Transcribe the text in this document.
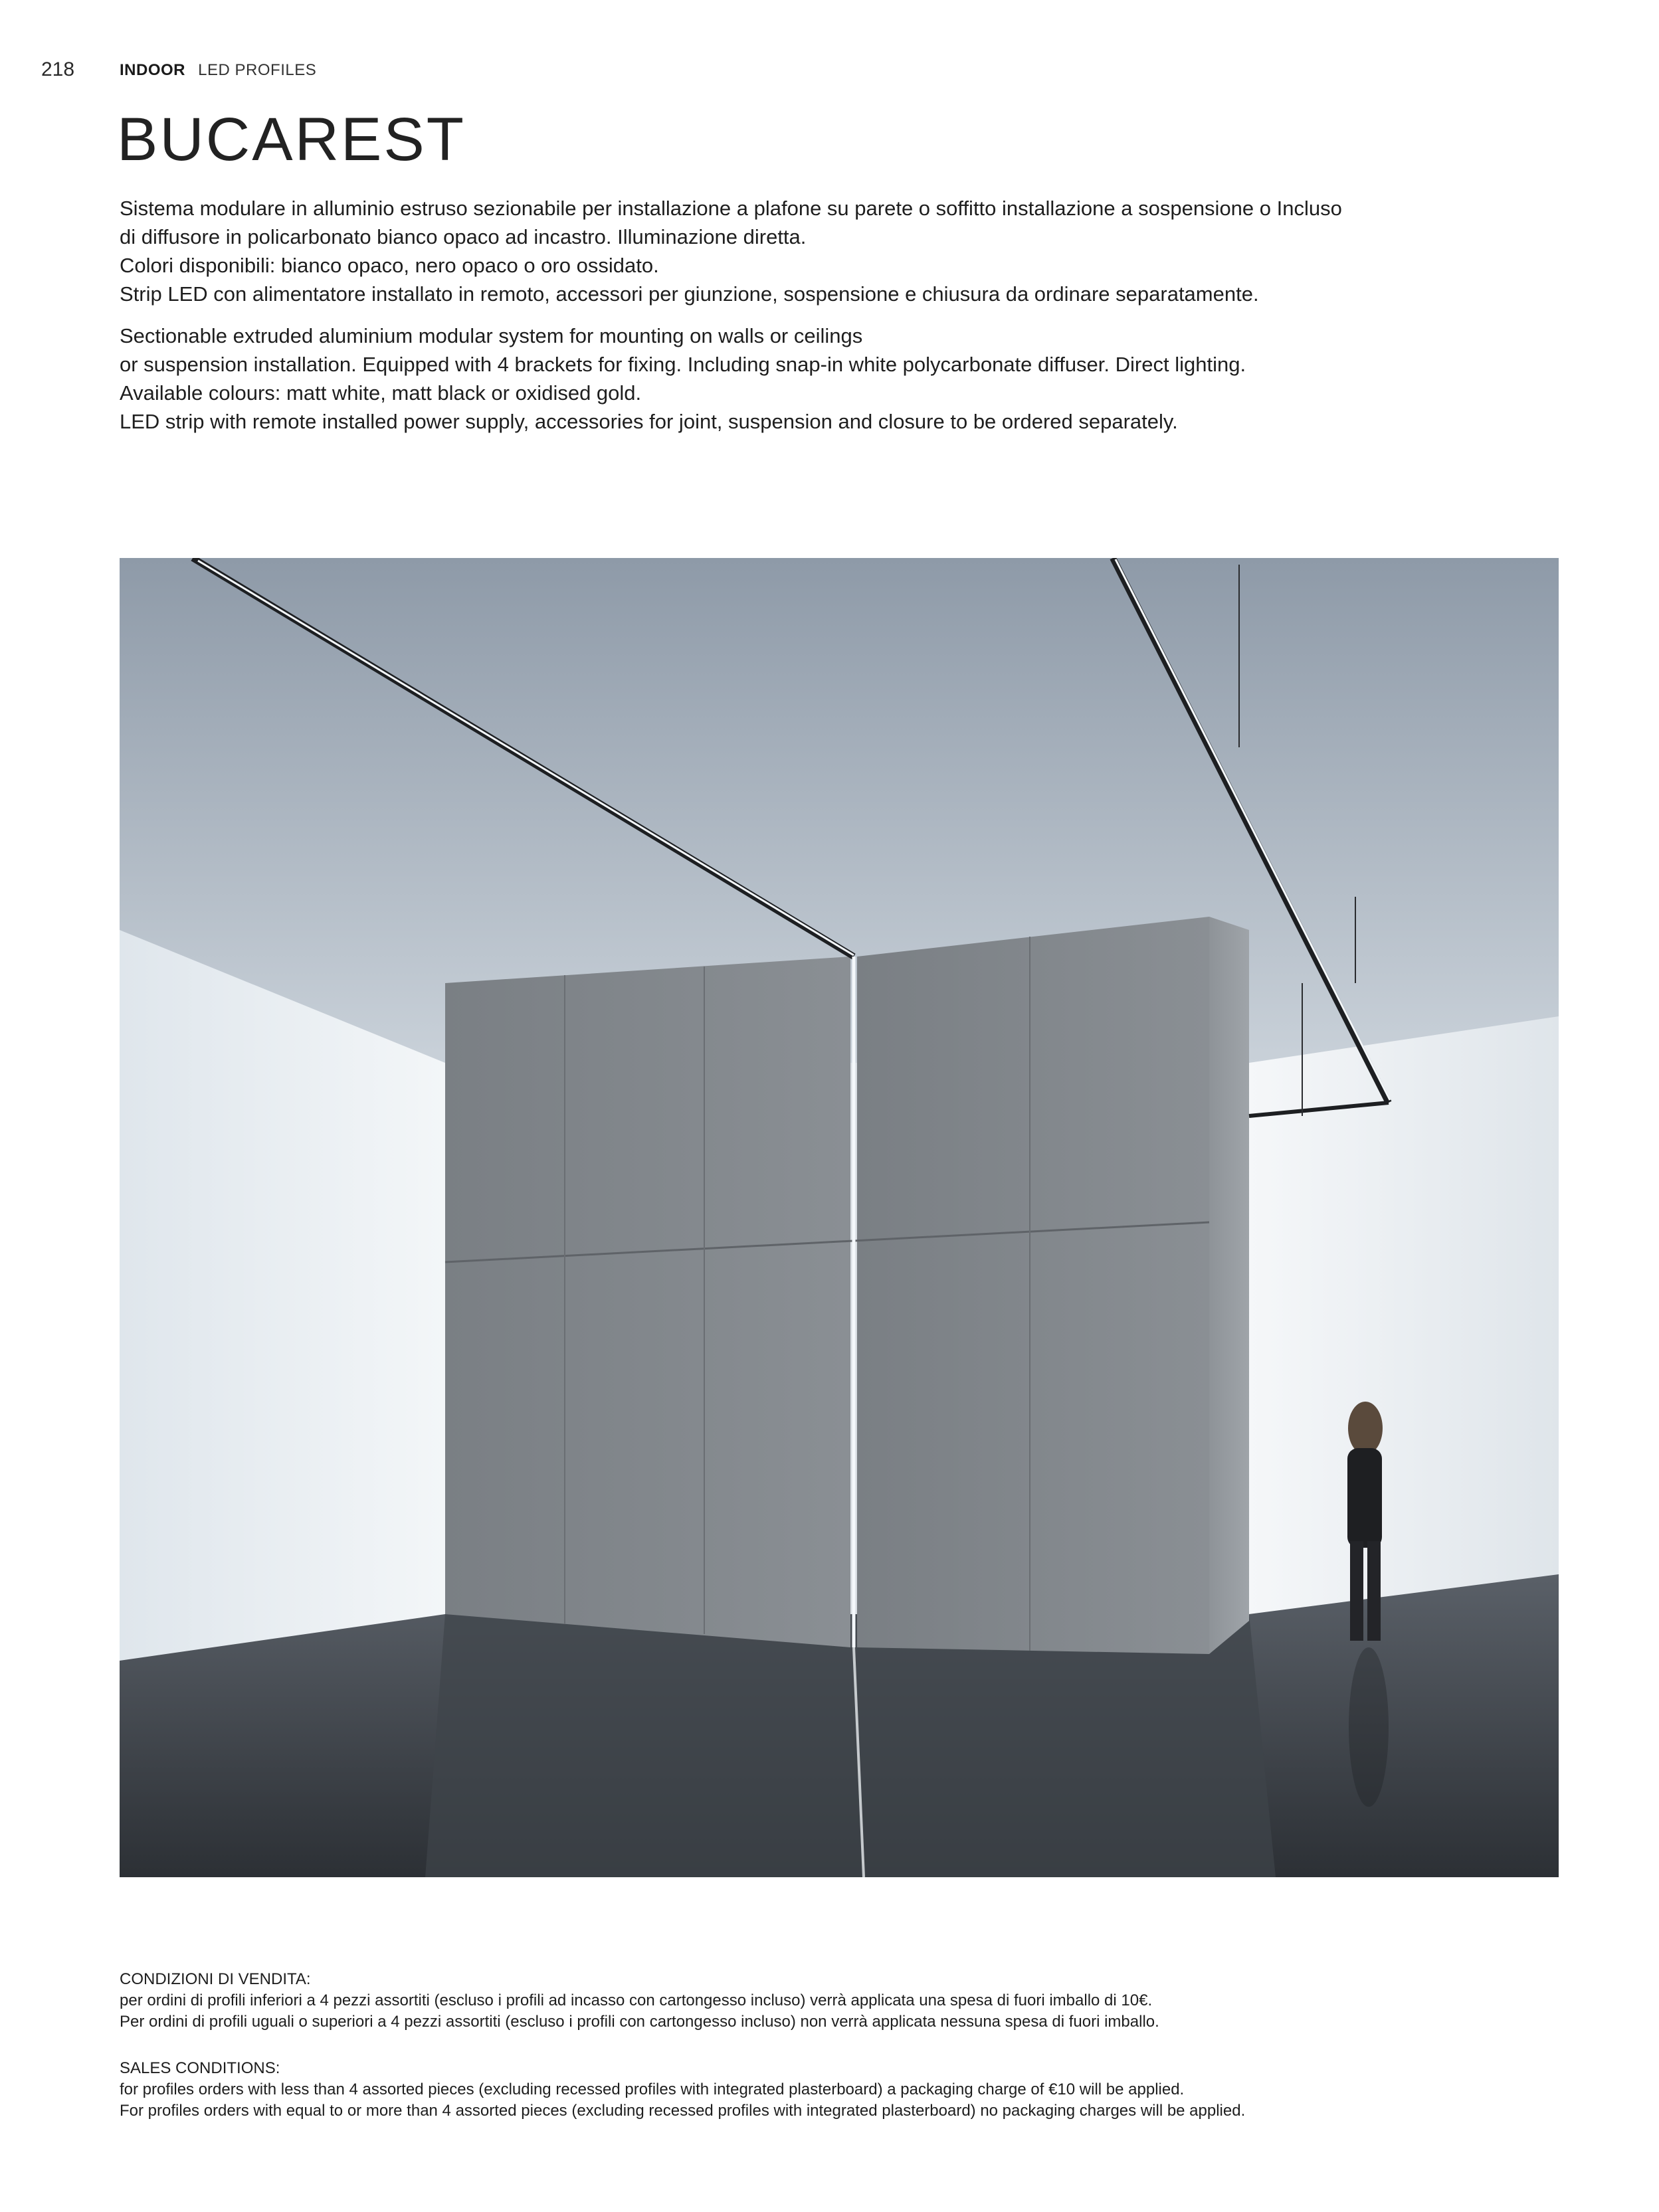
218	INDOOR LED PROFILES
BUCAREST
Sistema modulare in alluminio estruso sezionabile per installazione a plafone su parete o soffitto installazione a sospensione o Incluso
di diffusore in policarbonato bianco opaco ad incastro. Illuminazione diretta.
Colori disponibili: bianco opaco, nero opaco o oro ossidato.
Strip LED con alimentatore installato in remoto, accessori per giunzione, sospensione e chiusura da ordinare separatamente.
Sectionable extruded aluminium modular system for mounting on walls or ceilings
or suspension installation. Equipped with 4 brackets for fixing. Including snap-in white polycarbonate diffuser. Direct lighting.
Available colours: matt white, matt black or oxidised gold.
LED strip with remote installed power supply, accessories for joint, suspension and closure to be ordered separately.
CONDIZIONI DI VENDITA:
per ordini di profili inferiori a 4 pezzi assortiti (escluso i profili ad incasso con cartongesso incluso) verrà applicata una spesa di fuori imballo di 10€.
Per ordini di profili uguali o superiori a 4 pezzi assortiti (escluso i profili con cartongesso incluso) non verrà applicata nessuna spesa di fuori imballo.
SALES CONDITIONS:
for profiles orders with less than 4 assorted pieces (excluding recessed profiles with integrated plasterboard) a packaging charge of €10 will be applied.
For profiles orders with equal to or more than 4 assorted pieces (excluding recessed profiles with integrated plasterboard) no packaging charges will be applied.
